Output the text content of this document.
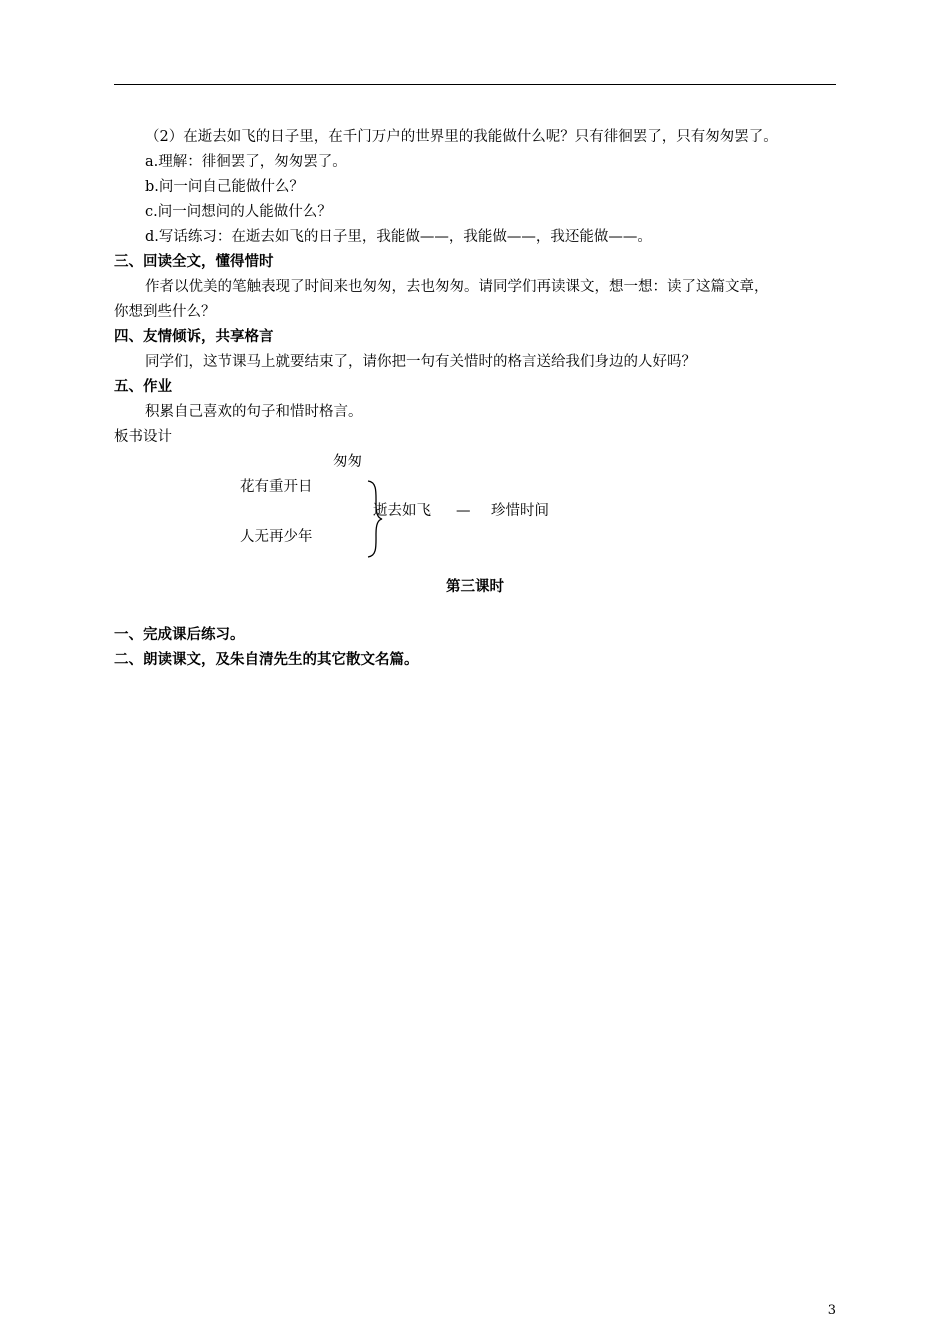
（2）在逝去如飞的日子里，在千门万户的世界里的我能做什么呢？只有徘徊罢了，只有匆匆罢了。
a.理解：徘徊罢了，匆匆罢了。
b.问一问自己能做什么？
c.问一问想问的人能做什么？
d.写话练习：在逝去如飞的日子里，我能做——，我能做——，我还能做——。
三、回读全文，懂得惜时
作者以优美的笔触表现了时间来也匆匆，去也匆匆。请同学们再读课文，想一想：读了这篇文章，
你想到些什么？
四、友情倾诉，共享格言
同学们，这节课马上就要结束了，请你把一句有关惜时的格言送给我们身边的人好吗？
五、作业
积累自己喜欢的句子和惜时格言。
板书设计
匆匆
花有重开日
人无再少年
逝去如飞 — 珍惜时间
第三课时
一、完成课后练习。
二、朗读课文，及朱自清先生的其它散文名篇。
3
